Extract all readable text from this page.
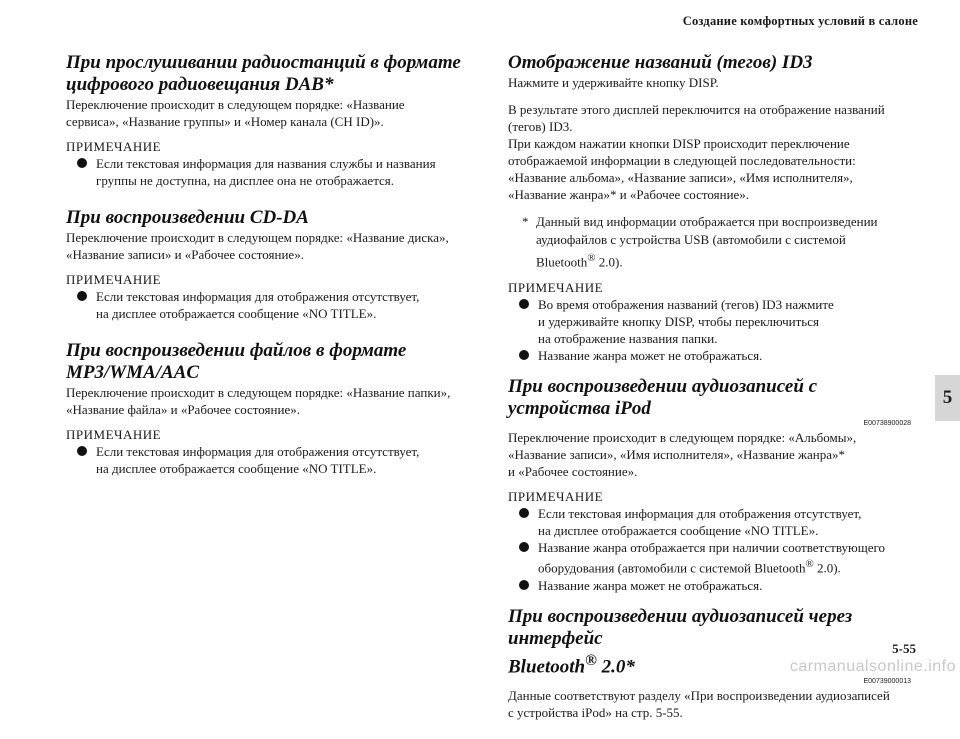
Создание комфортных условий в салоне
При прослушивании радиостанций в формате
цифрового радиовещания DAB*

Переключение происходит в следующем порядке: «Название
сервиса», «Название группы» и «Номер канала (CH ID)».

ПРИМЕЧАНИЕ
Если текстовая информация для названия службы и названия
группы не доступна, на дисплее она не отображается.
При воспроизведении CD-DA

Переключение происходит в следующем порядке: «Название диска»,
«Название записи» и «Рабочее состояние».

ПРИМЕЧАНИЕ
Если текстовая информация для отображения отсутствует,
на дисплее отображается сообщение «NO TITLE».
При воспроизведении файлов в формате
MP3/WMA/AAC

Переключение происходит в следующем порядке: «Название папки»,
«Название файла» и «Рабочее состояние».

ПРИМЕЧАНИЕ
Если текстовая информация для отображения отсутствует,
на дисплее отображается сообщение «NO TITLE».
Отображение названий (тегов) ID3

Нажмите и удерживайте кнопку DISP.

В результате этого дисплей переключится на отображение названий
(тегов) ID3.
При каждом нажатии кнопки DISP происходит переключение
отображаемой информации в следующей последовательности:
«Название альбома», «Название записи», «Имя исполнителя»,
«Название жанра»* и «Рабочее состояние».

* Данный вид информации отображается при воспроизведении
аудиофайлов с устройства USB (автомобили с системой
Bluetooth® 2.0).
ПРИМЕЧАНИЕ
Во время отображения названий (тегов) ID3 нажмите
и удерживайте кнопку DISP, чтобы переключиться
на отображение названия папки.
Название жанра может не отображаться.
При воспроизведении аудиозаписей с устройства iPod
E00738900028

Переключение происходит в следующем порядке: «Альбомы»,
«Название записи», «Имя исполнителя», «Название жанра»*
и «Рабочее состояние».

ПРИМЕЧАНИЕ
Если текстовая информация для отображения отсутствует,
на дисплее отображается сообщение «NO TITLE».
Название жанра отображается при наличии соответствующего
оборудования (автомобили с системой Bluetooth® 2.0).
Название жанра может не отображаться.
При воспроизведении аудиозаписей через интерфейс
Bluetooth® 2.0*
E00739000013

Данные соответствуют разделу «При воспроизведении аудиозаписей
с устройства iPod» на стр. 5-55.

5
5-55
carmanualsonline.info
